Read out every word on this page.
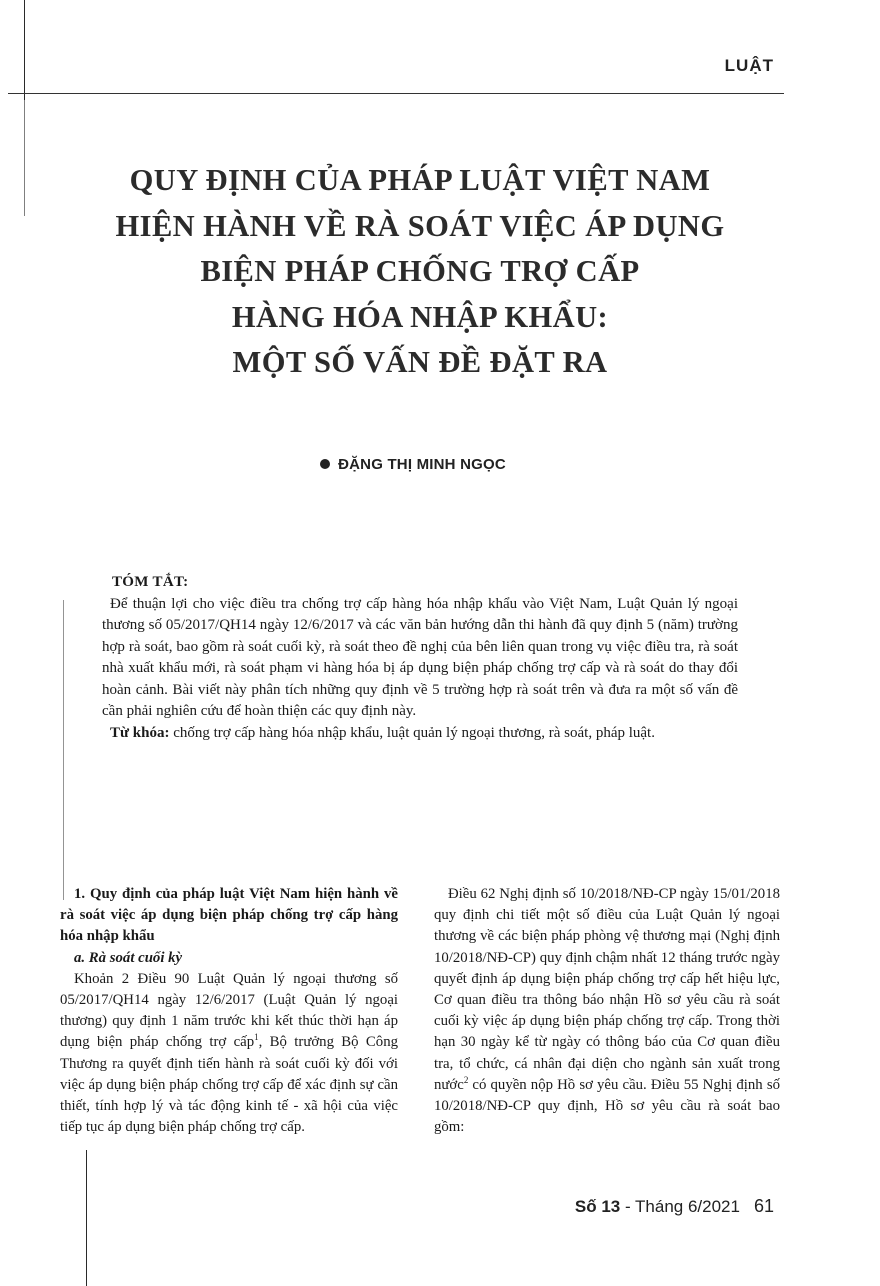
LUẬT
QUY ĐỊNH CỦA PHÁP LUẬT VIỆT NAM
HIỆN HÀNH VỀ RÀ SOÁT VIỆC ÁP DỤNG
BIỆN PHÁP CHỐNG TRỢ CẤP
HÀNG HÓA NHẬP KHẨU:
MỘT SỐ VẤN ĐỀ ĐẶT RA
ĐẶNG THỊ MINH NGỌC
TÓM TẮT:

Để thuận lợi cho việc điều tra chống trợ cấp hàng hóa nhập khẩu vào Việt Nam, Luật Quản lý ngoại thương số 05/2017/QH14 ngày 12/6/2017 và các văn bản hướng dẫn thi hành đã quy định 5 (năm) trường hợp rà soát, bao gồm rà soát cuối kỳ, rà soát theo đề nghị của bên liên quan trong vụ việc điều tra, rà soát nhà xuất khẩu mới, rà soát phạm vi hàng hóa bị áp dụng biện pháp chống trợ cấp và rà soát do thay đổi hoàn cảnh. Bài viết này phân tích những quy định về 5 trường hợp rà soát trên và đưa ra một số vấn đề cần phải nghiên cứu để hoàn thiện các quy định này.

Từ khóa: chống trợ cấp hàng hóa nhập khẩu, luật quản lý ngoại thương, rà soát, pháp luật.

1. Quy định của pháp luật Việt Nam hiện hành về rà soát việc áp dụng biện pháp chống trợ cấp hàng hóa nhập khẩu

a. Rà soát cuối kỳ

Khoản 2 Điều 90 Luật Quản lý ngoại thương số 05/2017/QH14 ngày 12/6/2017 (Luật Quản lý ngoại thương) quy định 1 năm trước khi kết thúc thời hạn áp dụng biện pháp chống trợ cấp$^1$, Bộ trưởng Bộ Công Thương ra quyết định tiến hành rà soát cuối kỳ đối với việc áp dụng biện pháp chống trợ cấp để xác định sự cần thiết, tính hợp lý và tác động kinh tế - xã hội của việc tiếp tục áp dụng biện pháp chống trợ cấp.

Điều 62 Nghị định số 10/2018/NĐ-CP ngày 15/01/2018 quy định chi tiết một số điều của Luật Quản lý ngoại thương về các biện pháp phòng vệ thương mại (Nghị định 10/2018/NĐ-CP) quy định chậm nhất 12 tháng trước ngày quyết định áp dụng biện pháp chống trợ cấp hết hiệu lực, Cơ quan điều tra thông báo nhận Hồ sơ yêu cầu rà soát cuối kỳ việc áp dụng biện pháp chống trợ cấp. Trong thời hạn 30 ngày kể từ ngày có thông báo của Cơ quan điều tra, tổ chức, cá nhân đại diện cho ngành sản xuất trong nước$^2$ có quyền nộp Hồ sơ yêu cầu. Điều 55 Nghị định số 10/2018/NĐ-CP quy định, Hồ sơ yêu cầu rà soát bao gồm:

Số 13 - Tháng 6/2021 61
